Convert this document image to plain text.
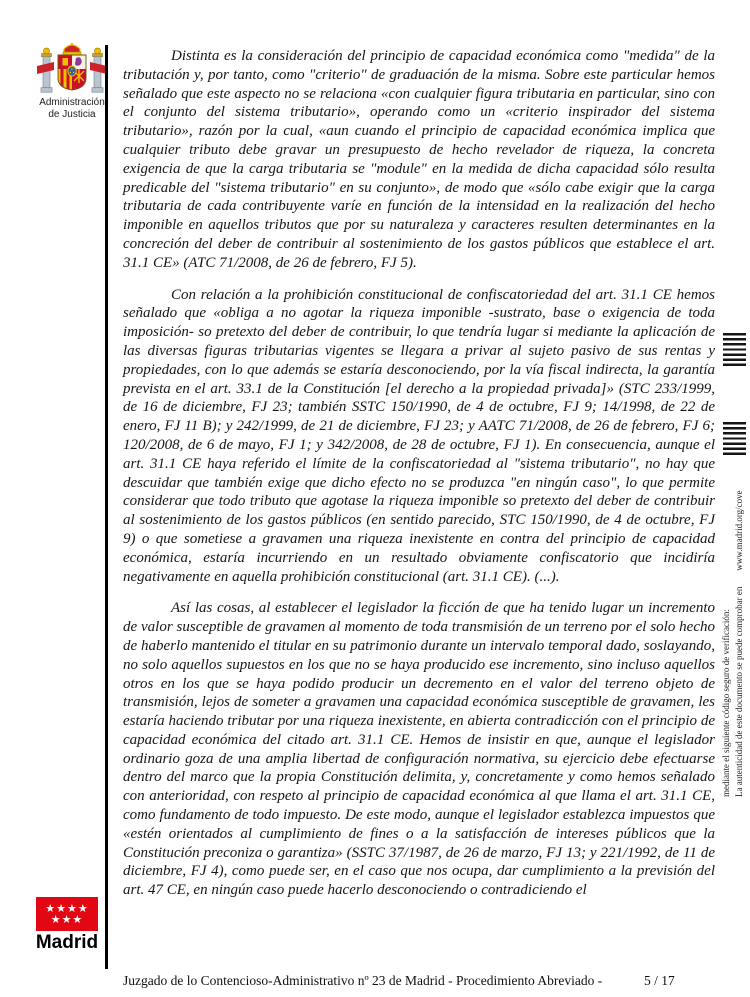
Administración
de Justicia
★★★★
★★★
Madrid

Distinta es la consideración del principio de capacidad económica como "medida" de la tributación y, por tanto, como "criterio" de graduación de la misma. Sobre este particular hemos señalado que este aspecto no se relaciona «con cualquier figura tributaria en particular, sino con el conjunto del sistema tributario», operando como un «criterio inspirador del sistema tributario», razón por la cual, «aun cuando el principio de capacidad económica implica que cualquier tributo debe gravar un presupuesto de hecho revelador de riqueza, la concreta exigencia de que la carga tributaria se "module" en la medida de dicha capacidad sólo resulta predicable del "sistema tributario" en su conjunto», de modo que «sólo cabe exigir que la carga tributaria de cada contribuyente varíe en función de la intensidad en la realización del hecho imponible en aquellos tributos que por su naturaleza y caracteres resulten determinantes en la concreción del deber de contribuir al sostenimiento de los gastos públicos que establece el art. 31.1 CE» (ATC 71/2008, de 26 de febrero, FJ 5).

Con relación a la prohibición constitucional de confiscatoriedad del art. 31.1 CE hemos señalado que «obliga a no agotar la riqueza imponible -sustrato, base o exigencia de toda imposición- so pretexto del deber de contribuir, lo que tendría lugar si mediante la aplicación de las diversas figuras tributarias vigentes se llegara a privar al sujeto pasivo de sus rentas y propiedades, con lo que además se estaría desconociendo, por la vía fiscal indirecta, la garantía prevista en el art. 33.1 de la Constitución [el derecho a la propiedad privada]» (STC 233/1999, de 16 de diciembre, FJ 23; también SSTC 150/1990, de 4 de octubre, FJ 9; 14/1998, de 22 de enero, FJ 11 B); y 242/1999, de 21 de diciembre, FJ 23; y AATC 71/2008, de 26 de febrero, FJ 6; 120/2008, de 6 de mayo, FJ 1; y 342/2008, de 28 de octubre, FJ 1). En consecuencia, aunque el art. 31.1 CE haya referido el límite de la confiscatoriedad al "sistema tributario", no hay que descuidar que también exige que dicho efecto no se produzca "en ningún caso", lo que permite considerar que todo tributo que agotase la riqueza imponible so pretexto del deber de contribuir al sostenimiento de los gastos públicos (en sentido parecido, STC 150/1990, de 4 de octubre, FJ 9) o que sometiese a gravamen una riqueza inexistente en contra del principio de capacidad económica, estaría incurriendo en un resultado obviamente confiscatorio que incidiría negativamente en aquella prohibición constitucional (art. 31.1 CE). (...).

Así las cosas, al establecer el legislador la ficción de que ha tenido lugar un incremento de valor susceptible de gravamen al momento de toda transmisión de un terreno por el solo hecho de haberlo mantenido el titular en su patrimonio durante un intervalo temporal dado, soslayando, no solo aquellos supuestos en los que no se haya producido ese incremento, sino incluso aquellos otros en los que se haya podido producir un decremento en el valor del terreno objeto de transmisión, lejos de someter a gravamen una capacidad económica susceptible de gravamen, les estaría haciendo tributar por una riqueza inexistente, en abierta contradicción con el principio de capacidad económica del citado art. 31.1 CE. Hemos de insistir en que, aunque el legislador ordinario goza de una amplia libertad de configuración normativa, su ejercicio debe efectuarse dentro del marco que la propia Constitución delimita, y, concretamente y como hemos señalado con anterioridad, con respeto al principio de capacidad económica al que llama el art. 31.1 CE, como fundamento de todo impuesto. De este modo, aunque el legislador establezca impuestos que «estén orientados al cumplimiento de fines o a la satisfacción de intereses públicos que la Constitución preconiza o garantiza» (SSTC 37/1987, de 26 de marzo, FJ 13; y 221/1992, de 11 de diciembre, FJ 4), como puede ser, en el caso que nos ocupa, dar cumplimiento a la previsión del art. 47 CE, en ningún caso puede hacerlo desconociendo o contradiciendo el

La autenticidad de este documento se puede comprobar enwww.madrid.org/cove
mediante el siguiente código seguro de verificación:
Juzgado de lo Contencioso-Administrativo nº 23 de Madrid - Procedimiento Abreviado -	5 / 17
